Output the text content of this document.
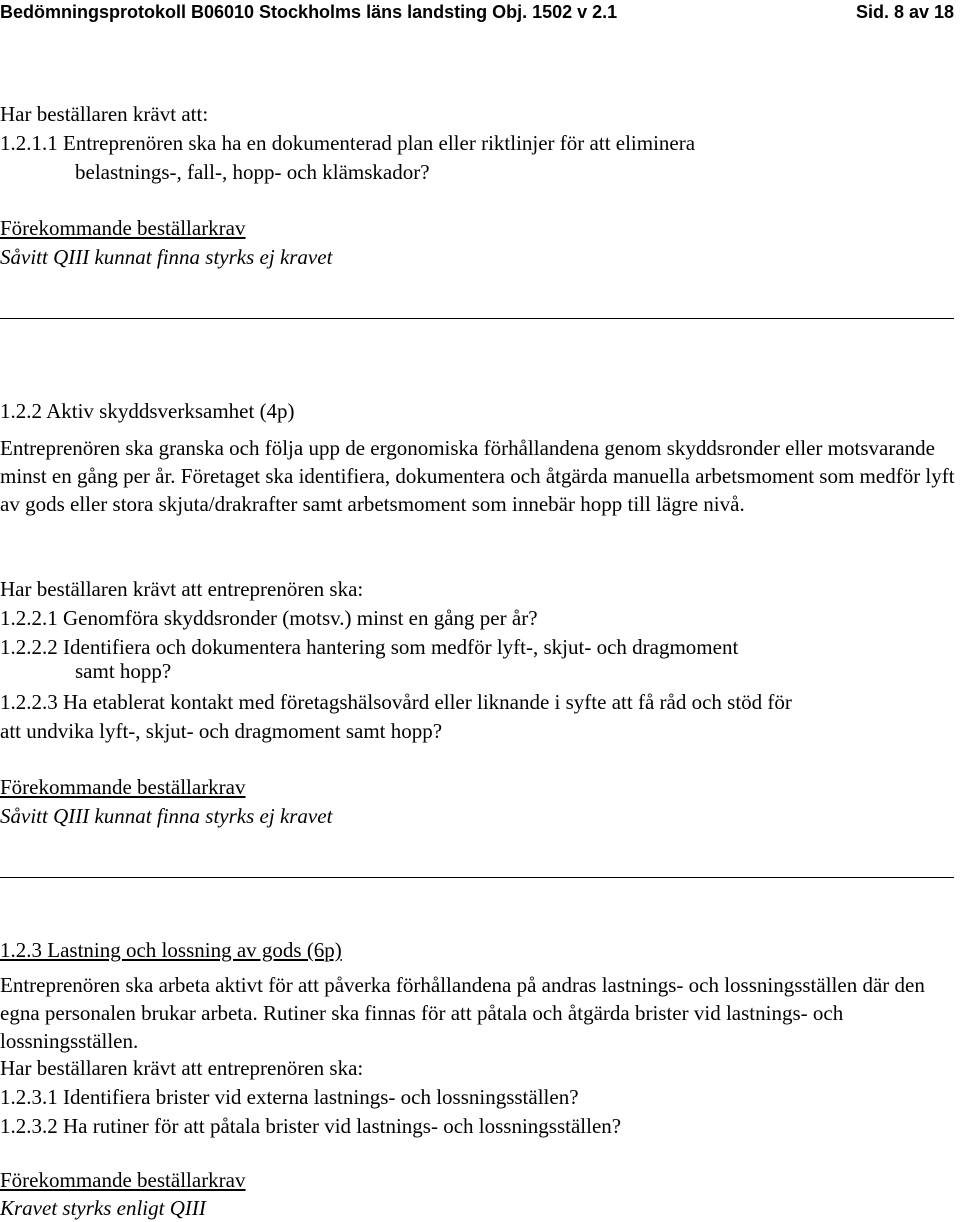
Bedömningsprotokoll B06010 Stockholms läns landsting Obj. 1502 v 2.1	Sid. 8 av 18
Har beställaren krävt att:
1.2.1.1 Entreprenören ska ha en dokumenterad plan eller riktlinjer för att eliminera
belastnings-, fall-, hopp- och klämskador?
Förekommande beställarkrav
Såvitt QIII kunnat finna styrks ej kravet
1.2.2 Aktiv skyddsverksamhet (4p)
Entreprenören ska granska och följa upp de ergonomiska förhållandena genom skyddsronder eller motsvarande minst en gång per år. Företaget ska identifiera, dokumentera och åtgärda manuella arbetsmoment som medför lyft av gods eller stora skjuta/drakrafter samt arbetsmoment som innebär hopp till lägre nivå.
Har beställaren krävt att entreprenören ska:
1.2.2.1 Genomföra skyddsronder (motsv.) minst en gång per år?
1.2.2.2 Identifiera och dokumentera hantering som medför lyft-, skjut- och dragmoment
samt hopp?
1.2.2.3 Ha etablerat kontakt med företagshälsovård eller liknande i syfte att få råd och stöd för
att undvika lyft-, skjut- och dragmoment samt hopp?
Förekommande beställarkrav
Såvitt QIII kunnat finna styrks ej kravet
1.2.3 Lastning och lossning av gods (6p)
Entreprenören ska arbeta aktivt för att påverka förhållandena på andras lastnings- och lossningsställen där den egna personalen brukar arbeta. Rutiner ska finnas för att påtala och åtgärda brister vid lastnings- och lossningsställen.
Har beställaren krävt att entreprenören ska:
1.2.3.1 Identifiera brister vid externa lastnings- och lossningsställen?
1.2.3.2 Ha rutiner för att påtala brister vid lastnings- och lossningsställen?
Förekommande beställarkrav
Kravet styrks enligt QIII
